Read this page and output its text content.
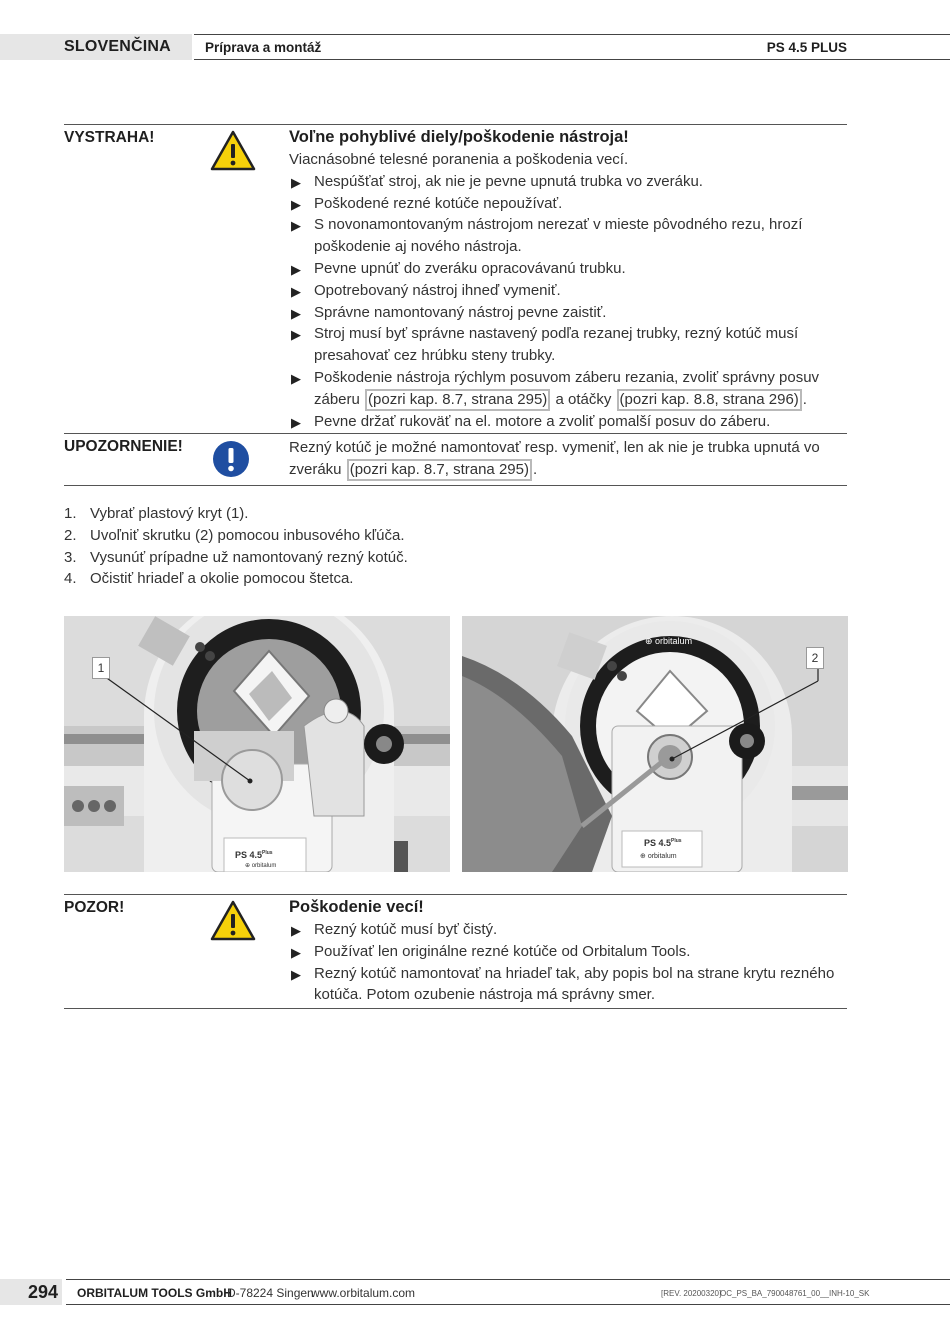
SLOVENČINA	Príprava a montáž	PS 4.5 PLUS
VYSTRAHA!	Voľne pohyblivé diely/poškodenie nástroja!
Viacnásobné telesné poranenia a poškodenia vecí.
▶ Nespúšťať stroj, ak nie je pevne upnutá trubka vo zveráku.
▶ Poškodené rezné kotúče nepoužívať.
▶ S novonamontovaným nástrojom nerezať v mieste pôvodného rezu, hrozí poškodenie aj nového nástroja.
▶ Pevne upnúť do zveráku opracovávanú trubku.
▶ Opotrebovaný nástroj ihneď vymeniť.
▶ Správne namontovaný nástroj pevne zaistiť.
▶ Stroj musí byť správne nastavený podľa rezanej trubky, rezný kotúč musí presahovať cez hrúbku steny trubky.
▶ Poškodenie nástroja rýchlym posuvom záberu rezania, zvoliť správny posuv záberu (pozri kap. 8.7, strana 295) a otáčky (pozri kap. 8.8, strana 296) .
▶ Pevne držať rukoväť na el. motore a zvoliť pomalší posuv do záberu.
UPOZORNENIE!	Rezný kotúč je možné namontovať resp. vymeniť, len ak nie je trubka upnutá vo zveráku (pozri kap. 8.7, strana 295) .
1. Vybrať plastový kryt (1).
2. Uvoľniť skrutku (2) pomocou inbusového kľúča.
3. Vysunúť prípadne už namontovaný rezný kotúč.
4. Očistiť hriadeľ a okolie pomocou štetca.
1
PS $4.5^{Plus}$
⊕ orbitalum
2
⊕ orbitalum
PS $4.5^{Plus}$
⊕ orbitalum
POZOR!	Poškodenie vecí!
▶ Rezný kotúč musí byť čistý.
▶ Používať len originálne rezné kotúče od Orbitalum Tools.
▶ Rezný kotúč namontovať na hriadeľ tak, aby popis bol na strane krytu rezného kotúča. Potom ozubenie nástroja má správny smer.
294 ORBITALUM TOOLS GmbH
D-78224 Singen
www.orbitalum.com	[REV. 20200320]
OC_PS_BA_790048761_00__INH-10_SK
